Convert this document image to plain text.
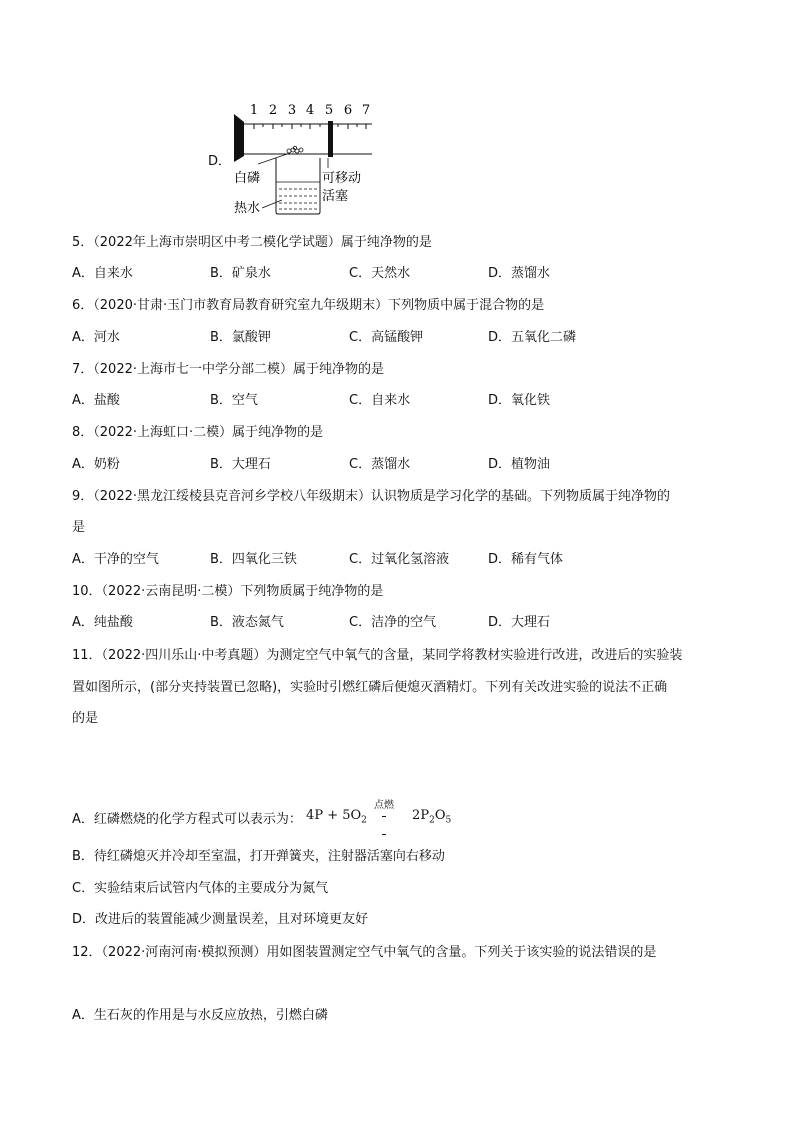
D．
1 2 3 4 5 6 7
白磷
热水
可移动
活塞
5．（2022年上海市崇明区中考二模化学试题）属于纯净物的是
A．自来水	B．矿泉水	C．天然水	D．蒸馏水
6．（2020·甘肃·玉门市教育局教育研究室九年级期末）下列物质中属于混合物的是
A．河水	B．氯酸钾	C．高锰酸钾	D．五氧化二磷
7．（2022·上海市七一中学分部二模）属于纯净物的是
A．盐酸	B．空气	C．自来水	D．氧化铁
8．（2022·上海虹口·二模）属于纯净物的是
A．奶粉	B．大理石	C．蒸馏水	D．植物油
9．（2022·黑龙江绥棱县克音河乡学校八年级期末）认识物质是学习化学的基础。下列物质属于纯净物的
是
A．干净的空气	B．四氧化三铁	C．过氧化氢溶液	D．稀有气体
10．（2022·云南昆明·二模）下列物质属于纯净物的是
A．纯盐酸	B．液态氮气	C．洁净的空气	D．大理石
11．（2022·四川乐山·中考真题）为测定空气中氧气的含量，某同学将教材实验进行改进，改进后的实验装
置如图所示，(部分夹持装置已忽略)，实验时引燃红磷后便熄灭酒精灯。下列有关改进实验的说法不正确
的是
A．红磷燃烧的化学方程式可以表示为： $4P + 5O_2$
点燃
$2P_2O_5$
B．待红磷熄灭并冷却至室温，打开弹簧夹，注射器活塞向右移动
C．实验结束后试管内气体的主要成分为氮气
D．改进后的装置能减少测量误差，且对环境更友好
12．（2022·河南河南·模拟预测）用如图装置测定空气中氧气的含量。下列关于该实验的说法错误的是
A．生石灰的作用是与水反应放热，引燃白磷
